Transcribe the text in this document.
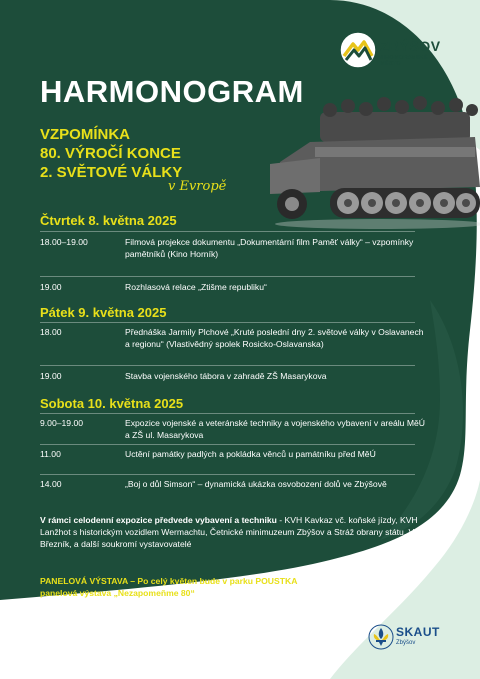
ZBÝŠOV
JIHOMORAVSKÉ MĚSTO
HARMONOGRAM
VZPOMÍNKA
80. VÝROČÍ KONCE
2. SVĚTOVÉ VÁLKY
v Evropě
Čtvrtek 8. května 2025
18.00–19.00	Filmová projekce dokumentu „Dokumentární film Paměť války“ – vzpomínky pamětníků (Kino Horník)
19.00	Rozhlasová relace „Ztišme republiku“
Pátek 9. května 2025
18.00	Přednáška Jarmily Plchové „Kruté poslední dny 2. světové války v Oslavanech a regionu“ (Vlastivědný spolek Rosicko-Oslavanska)
19.00	Stavba vojenského tábora v zahradě ZŠ Masarykova
Sobota 10. května 2025
9.00–19.00	Expozice vojenské a veteránské techniky a vojenského vybavení v areálu MěÚ a ZŠ ul. Masarykova
11.00	Uctění památky padlých a pokládka věnců u památníku před MěÚ
14.00	„Boj o důl Simson“ – dynamická ukázka osvobození dolů ve Zbýšově
V rámci celodenní expozice předvede vybavení a techniku - KVH Kavkaz vč. koňské jízdy, KVH Lanžhot s historickým vozidlem Wermachtu, Četnické minimuzeum Zbýšov a Stráž obrany státu, VCC Březník, a další soukromí vystavovatelé
PANELOVÁ VÝSTAVA – Po celý květen bude v parku POUSTKA
panelová výstava „Nezapomeňme 80“
●●●
Post Bellum 80 neza-
pomeň-
me	SKAUT
Zbýšov
